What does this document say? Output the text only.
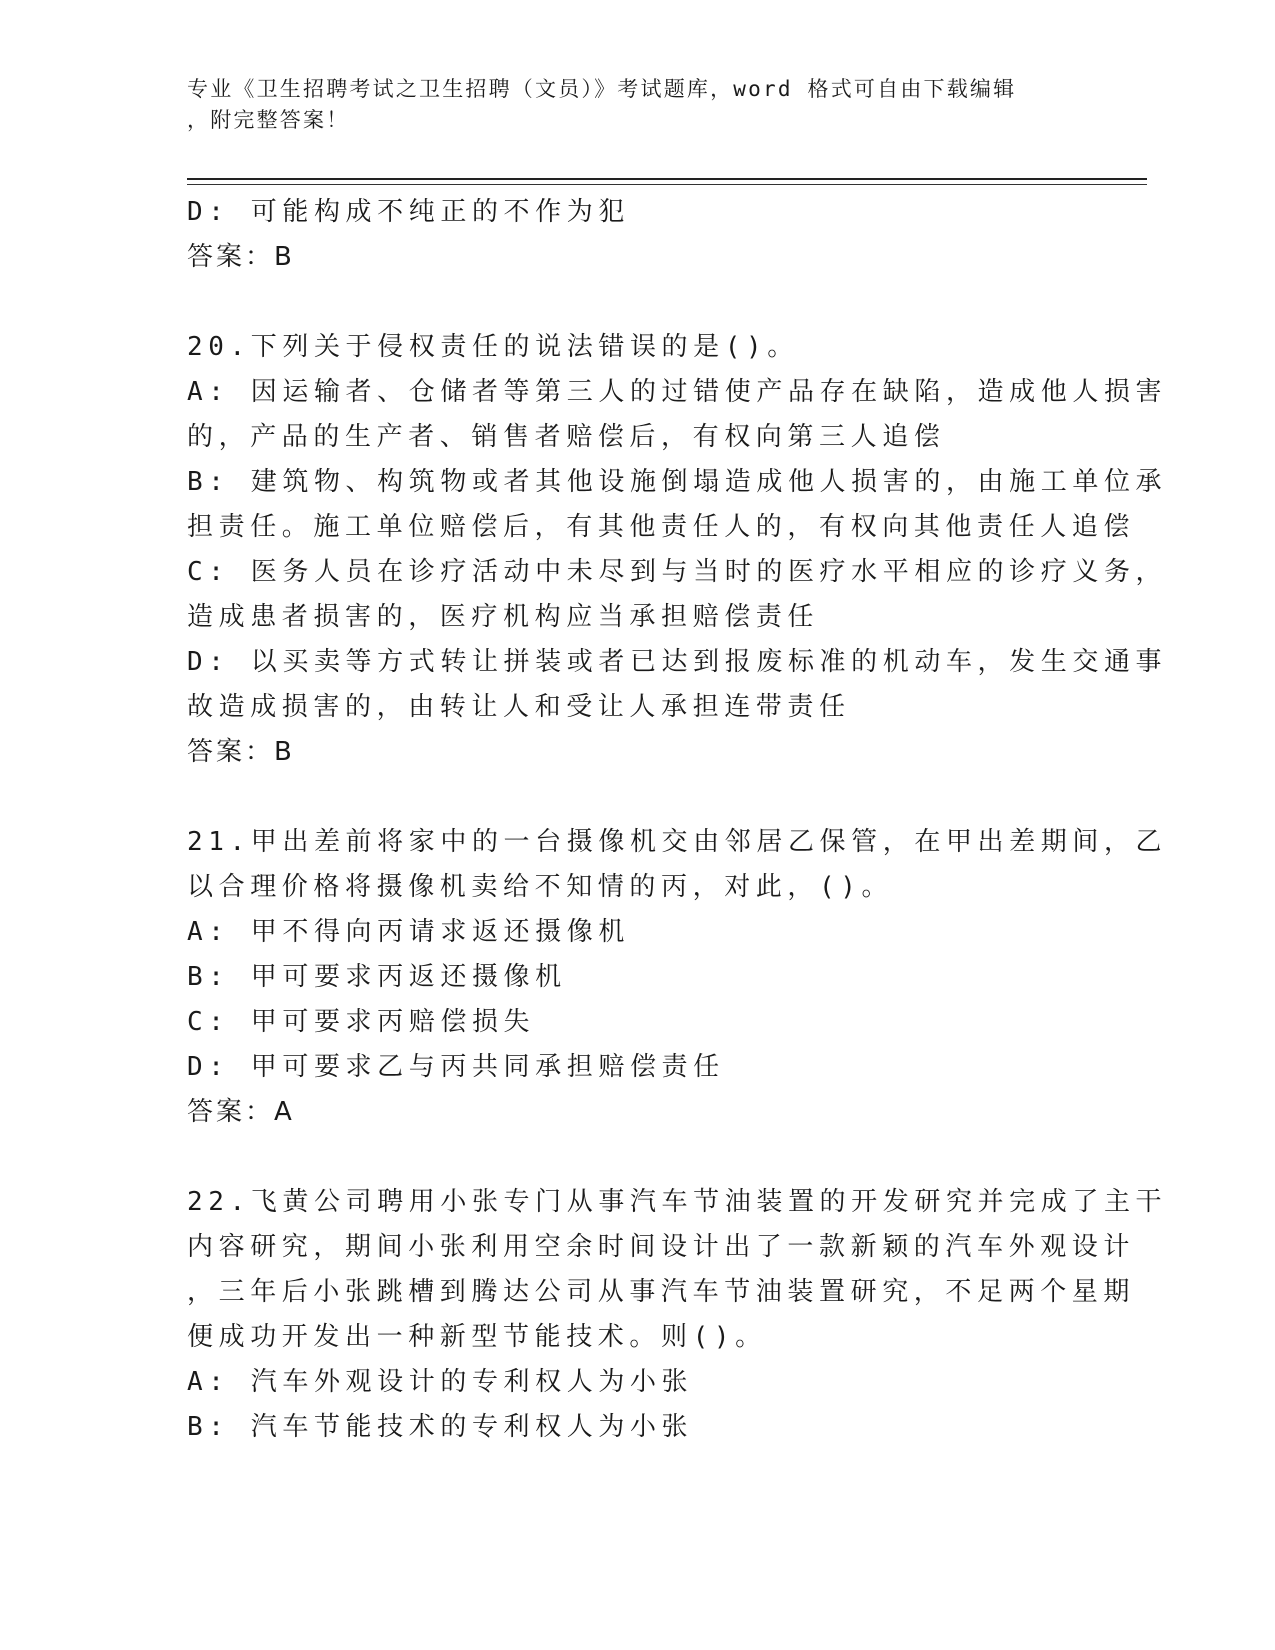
专业《卫生招聘考试之卫生招聘（文员）》考试题库，word 格式可自由下载编辑
，附完整答案！
D: 可能构成不纯正的不作为犯
答案：B
20.下列关于侵权责任的说法错误的是()。
A: 因运输者、仓储者等第三人的过错使产品存在缺陷，造成他人损害
的，产品的生产者、销售者赔偿后，有权向第三人追偿
B: 建筑物、构筑物或者其他设施倒塌造成他人损害的，由施工单位承
担责任。施工单位赔偿后，有其他责任人的，有权向其他责任人追偿
C: 医务人员在诊疗活动中未尽到与当时的医疗水平相应的诊疗义务，
造成患者损害的，医疗机构应当承担赔偿责任
D: 以买卖等方式转让拼装或者已达到报废标准的机动车，发生交通事
故造成损害的，由转让人和受让人承担连带责任
答案：B
21.甲出差前将家中的一台摄像机交由邻居乙保管，在甲出差期间，乙
以合理价格将摄像机卖给不知情的丙，对此，()。
A: 甲不得向丙请求返还摄像机
B: 甲可要求丙返还摄像机
C: 甲可要求丙赔偿损失
D: 甲可要求乙与丙共同承担赔偿责任
答案：A
22.飞黄公司聘用小张专门从事汽车节油装置的开发研究并完成了主干
内容研究，期间小张利用空余时间设计出了一款新颖的汽车外观设计
，三年后小张跳槽到腾达公司从事汽车节油装置研究，不足两个星期
便成功开发出一种新型节能技术。则()。
A: 汽车外观设计的专利权人为小张
B: 汽车节能技术的专利权人为小张
